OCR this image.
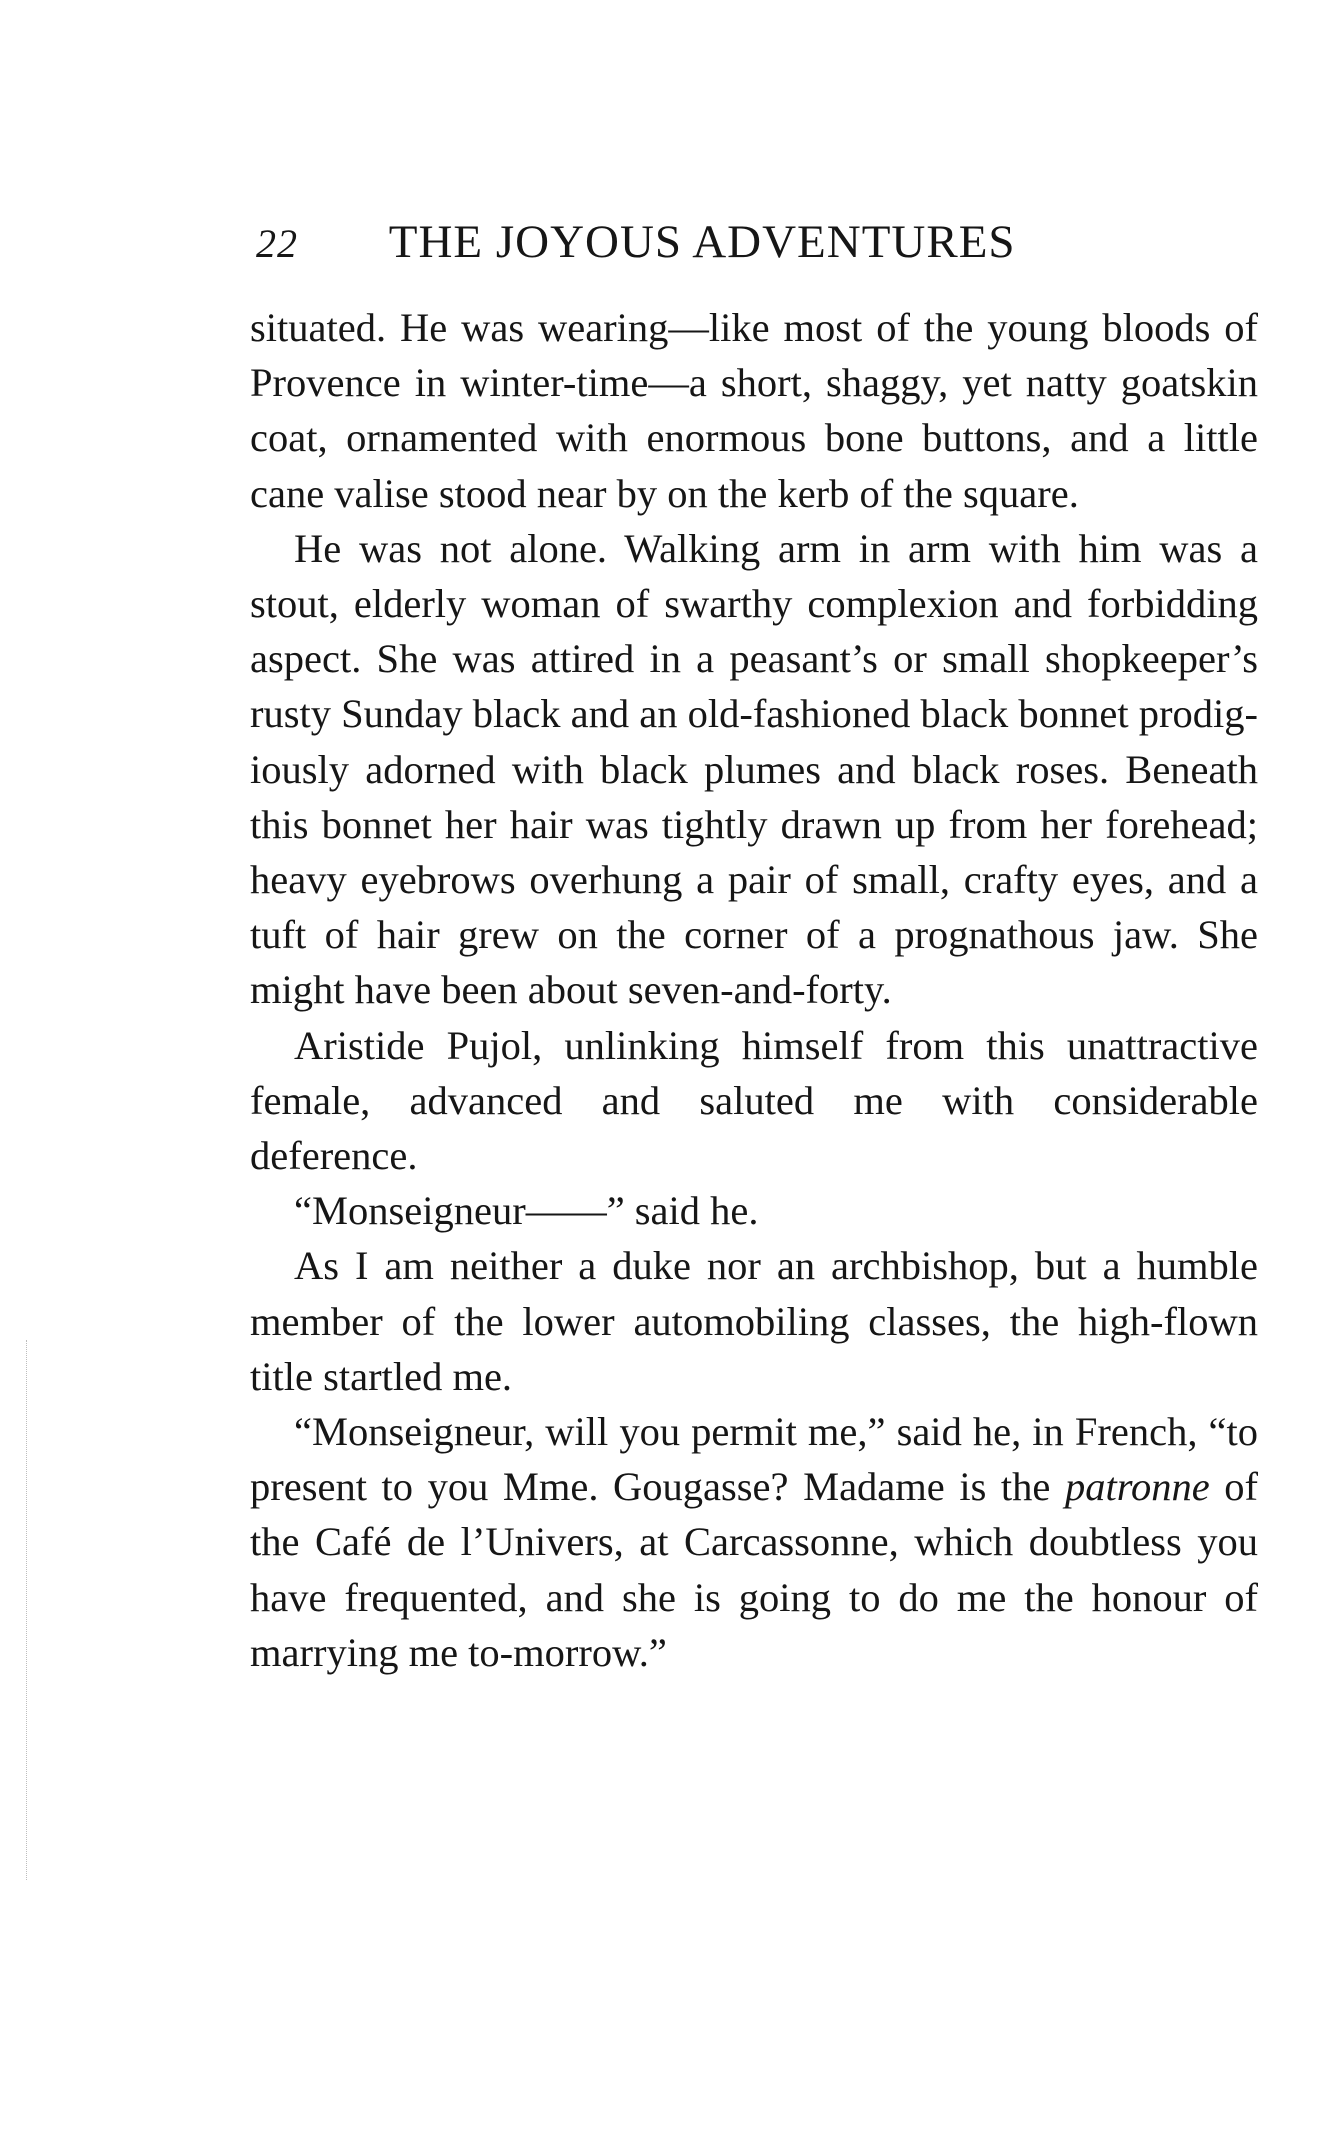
22 THE JOYOUS ADVENTURES

situated. He was wearing—like most of the young bloods of Provence in winter-time—a short, shaggy, yet natty goatskin coat, ornamented with enormous bone buttons, and a little cane valise stood near by on the kerb of the square.

He was not alone. Walking arm in arm with him was a stout, elderly woman of swarthy complexion and forbidding aspect. She was attired in a peasant’s or small shopkeeper’s rusty Sunday black and an old-fashioned black bonnet prodigiously adorned with black plumes and black roses. Beneath this bonnet her hair was tightly drawn up from her forehead; heavy eyebrows overhung a pair of small, crafty eyes, and a tuft of hair grew on the corner of a prognathous jaw. She might have been about seven-and-forty.

Aristide Pujol, unlinking himself from this unattractive female, advanced and saluted me with considerable deference.

“Monseigneur——” said he.

As I am neither a duke nor an archbishop, but a humble member of the lower automobiling classes, the high-flown title startled me.

“Monseigneur, will you permit me,” said he, in French, “to present to you Mme. Gougasse? Madame is the patronne of the Café de l’Univers, at Carcassonne, which doubtless you have frequented, and she is going to do me the honour of marrying me to-morrow.”
